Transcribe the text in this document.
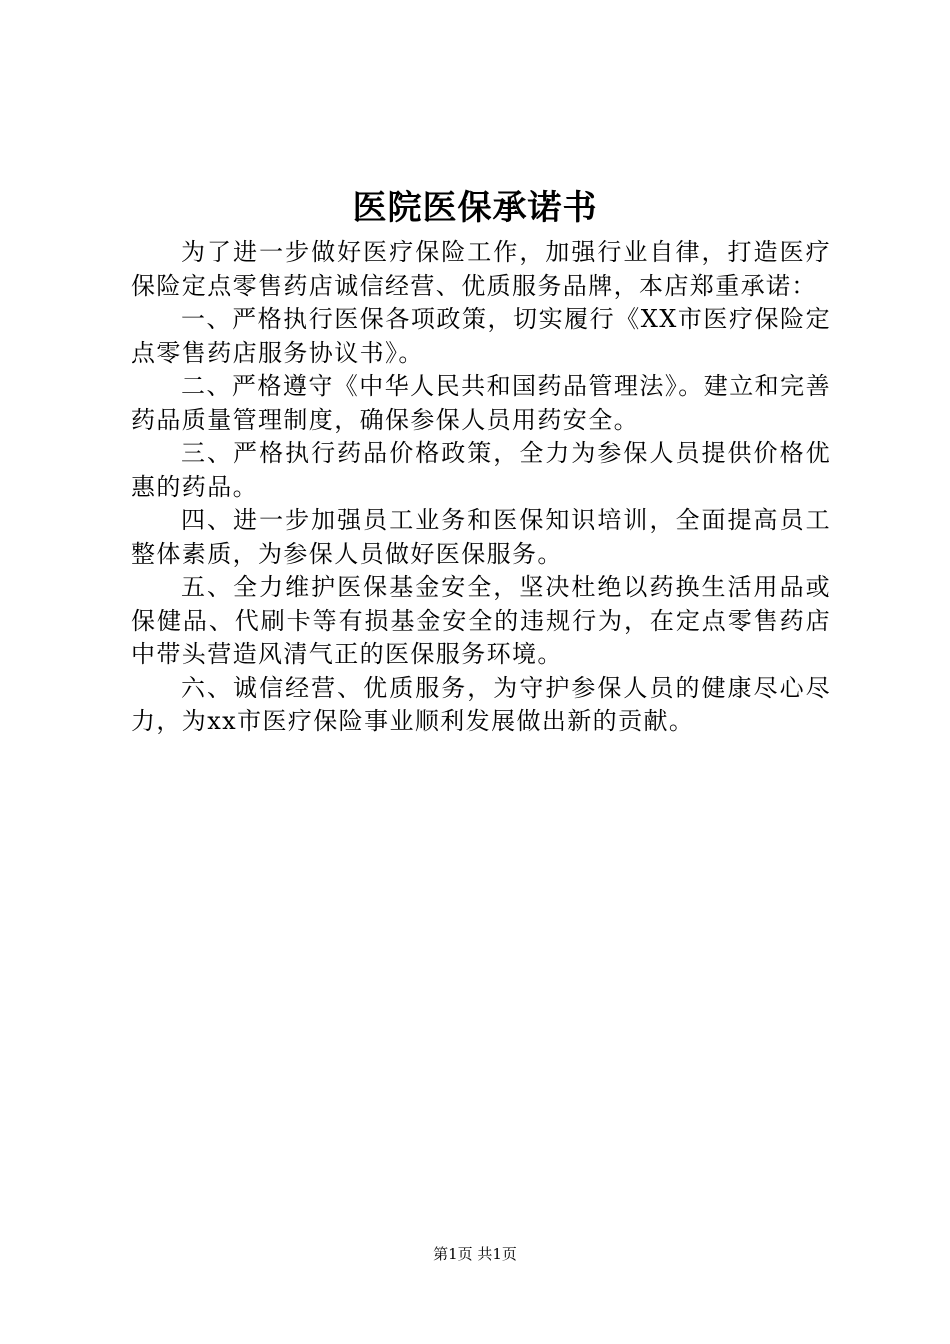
医院医保承诺书

为了进一步做好医疗保险工作，加强行业自律，打造医疗保险定点零售药店诚信经营、优质服务品牌，本店郑重承诺：

一、严格执行医保各项政策，切实履行《XX市医疗保险定点零售药店服务协议书》。

二、严格遵守《中华人民共和国药品管理法》。建立和完善药品质量管理制度，确保参保人员用药安全。

三、严格执行药品价格政策，全力为参保人员提供价格优惠的药品。

四、进一步加强员工业务和医保知识培训，全面提高员工整体素质，为参保人员做好医保服务。

五、全力维护医保基金安全，坚决杜绝以药换生活用品或保健品、代刷卡等有损基金安全的违规行为，在定点零售药店中带头营造风清气正的医保服务环境。

六、诚信经营、优质服务，为守护参保人员的健康尽心尽力，为xx市医疗保险事业顺利发展做出新的贡献。

第1页 共1页
